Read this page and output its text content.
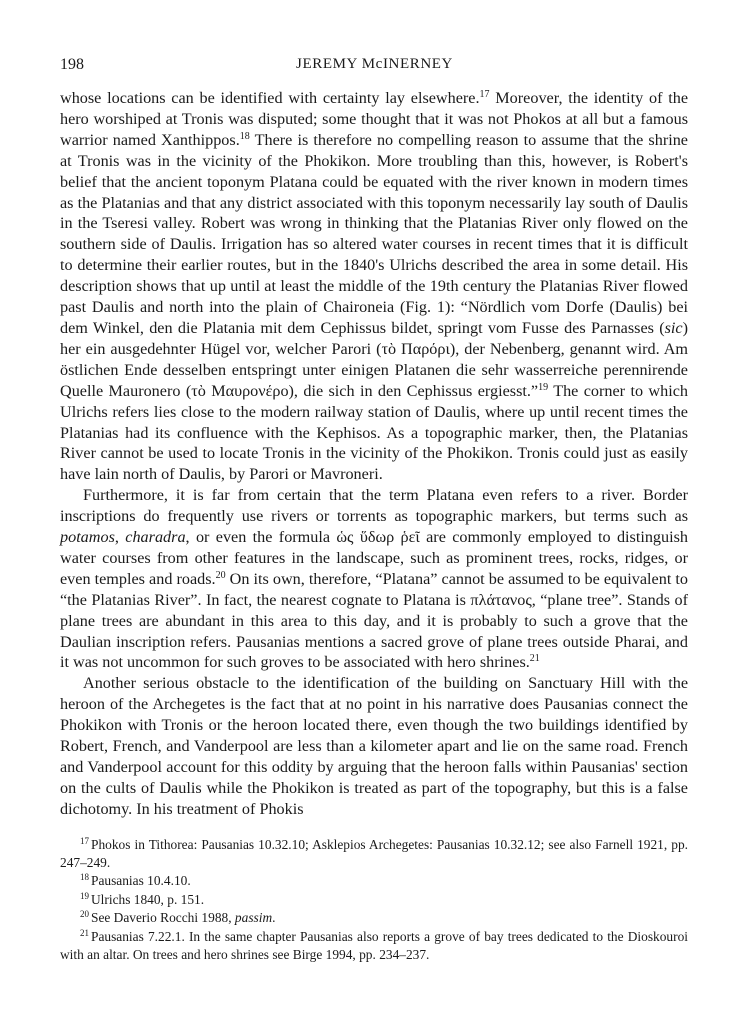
198	JEREMY McINERNEY

whose locations can be identified with certainty lay elsewhere.$^{17}$ Moreover, the identity of the hero worshiped at Tronis was disputed; some thought that it was not Phokos at all but a famous warrior named Xanthippos.$^{18}$ There is therefore no compelling reason to assume that the shrine at Tronis was in the vicinity of the Phokikon. More troubling than this, however, is Robert's belief that the ancient toponym Platana could be equated with the river known in modern times as the Platanias and that any district associated with this toponym necessarily lay south of Daulis in the Tseresi valley. Robert was wrong in thinking that the Platanias River only flowed on the southern side of Daulis. Irrigation has so altered water courses in recent times that it is difficult to determine their earlier routes, but in the 1840's Ulrichs described the area in some detail. His description shows that up until at least the middle of the 19th century the Platanias River flowed past Daulis and north into the plain of Chaironeia (Fig. 1): “Nördlich vom Dorfe (Daulis) bei dem Winkel, den die Platania mit dem Cephissus bildet, springt vom Fusse des Parnasses (sic) her ein ausgedehnter Hügel vor, welcher Parori (τὸ Παρόρι), der Nebenberg, genannt wird. Am östlichen Ende desselben entspringt unter einigen Platanen die sehr wasserreiche perennirende Quelle Mauronero (τὸ Μαυρονέρο), die sich in den Cephissus ergiesst.”$^{19}$ The corner to which Ulrichs refers lies close to the modern railway station of Daulis, where up until recent times the Platanias had its confluence with the Kephisos. As a topographic marker, then, the Platanias River cannot be used to locate Tronis in the vicinity of the Phokikon. Tronis could just as easily have lain north of Daulis, by Parori or Mavroneri.

Furthermore, it is far from certain that the term Platana even refers to a river. Border inscriptions do frequently use rivers or torrents as topographic markers, but terms such as potamos, charadra, or even the formula ὡς ὕδωρ ῥεῖ are commonly employed to distinguish water courses from other features in the landscape, such as prominent trees, rocks, ridges, or even temples and roads.$^{20}$ On its own, therefore, “Platana” cannot be assumed to be equivalent to “the Platanias River”. In fact, the nearest cognate to Platana is πλάτανος, “plane tree”. Stands of plane trees are abundant in this area to this day, and it is probably to such a grove that the Daulian inscription refers. Pausanias mentions a sacred grove of plane trees outside Pharai, and it was not uncommon for such groves to be associated with hero shrines.$^{21}$

Another serious obstacle to the identification of the building on Sanctuary Hill with the heroon of the Archegetes is the fact that at no point in his narrative does Pausanias connect the Phokikon with Tronis or the heroon located there, even though the two buildings identified by Robert, French, and Vanderpool are less than a kilometer apart and lie on the same road. French and Vanderpool account for this oddity by arguing that the heroon falls within Pausanias' section on the cults of Daulis while the Phokikon is treated as part of the topography, but this is a false dichotomy. In his treatment of Phokis

$^{17}$ Phokos in Tithorea: Pausanias 10.32.10; Asklepios Archegetes: Pausanias 10.32.12; see also Farnell 1921, pp. 247–249.

$^{18}$ Pausanias 10.4.10.

$^{19}$ Ulrichs 1840, p. 151.

$^{20}$ See Daverio Rocchi 1988, passim.

$^{21}$ Pausanias 7.22.1. In the same chapter Pausanias also reports a grove of bay trees dedicated to the Dioskouroi with an altar. On trees and hero shrines see Birge 1994, pp. 234–237.
